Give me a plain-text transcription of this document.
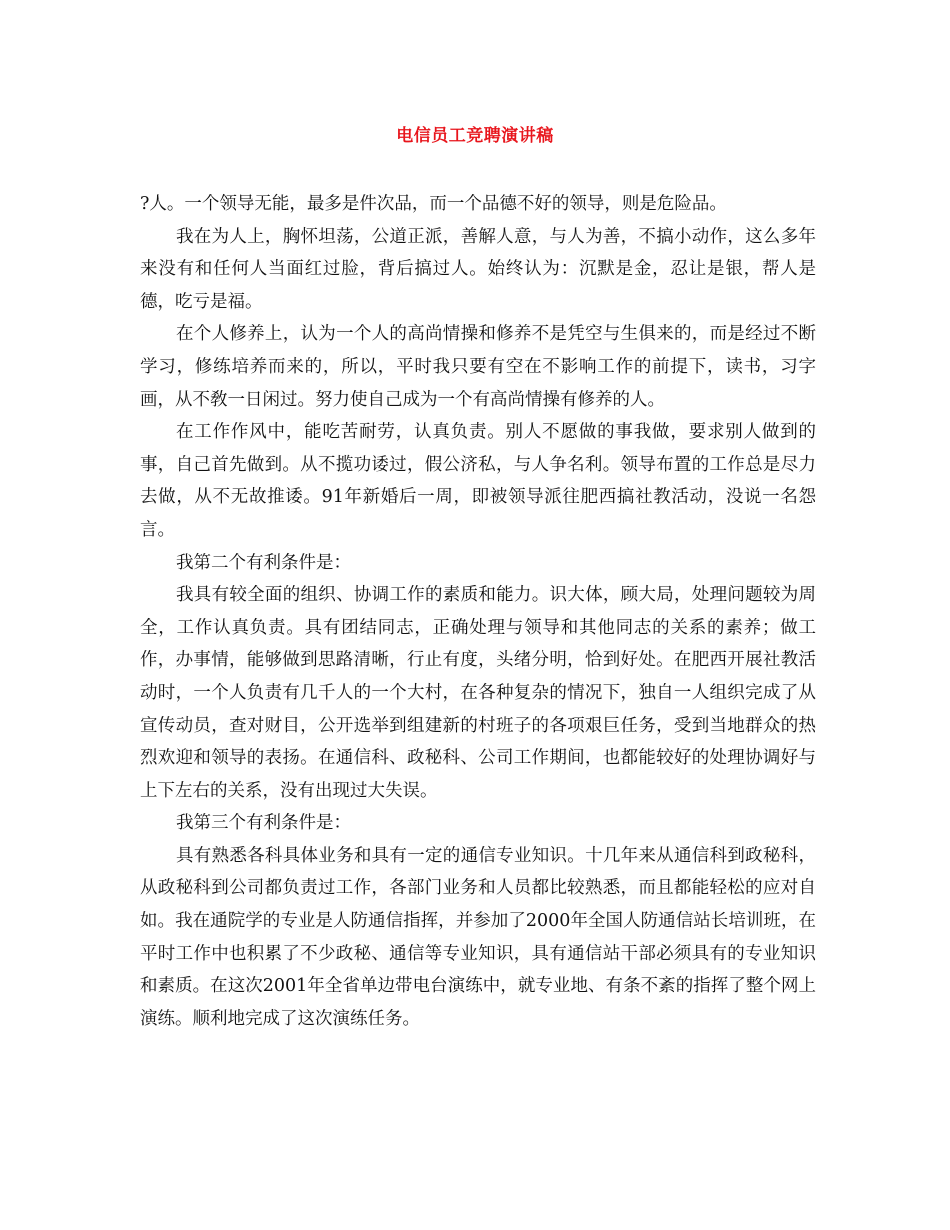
电信员工竞聘演讲稿

?人。一个领导无能，最多是件次品，而一个品德不好的领导，则是危险品。

我在为人上，胸怀坦荡，公道正派，善解人意，与人为善，不搞小动作，这么多年来没有和任何人当面红过脸，背后搞过人。始终认为：沉默是金，忍让是银，帮人是德，吃亏是福。

在个人修养上，认为一个人的高尚情操和修养不是凭空与生俱来的，而是经过不断学习，修练培养而来的，所以，平时我只要有空在不影响工作的前提下，读书，习字画，从不敎一日闲过。努力使自己成为一个有高尚情操有修养的人。

在工作作风中，能吃苦耐劳，认真负责。别人不愿做的事我做，要求别人做到的事，自己首先做到。从不揽功诿过，假公济私，与人争名利。领导布置的工作总是尽力去做，从不无故推诿。91年新婚后一周，即被领导派往肥西搞社教活动，没说一名怨言。

我第二个有利条件是：

我具有较全面的组织、协调工作的素质和能力。识大体，顾大局，处理问题较为周全，工作认真负责。具有团结同志，正确处理与领导和其他同志的关系的素养；做工作，办事情，能够做到思路清晰，行止有度，头绪分明，恰到好处。在肥西开展社教活动时，一个人负责有几千人的一个大村，在各种复杂的情况下，独自一人组织完成了从宣传动员，查对财目，公开选举到组建新的村班子的各项艰巨任务，受到当地群众的热烈欢迎和领导的表扬。在通信科、政秘科、公司工作期间，也都能较好的处理协调好与上下左右的关系，没有出现过大失误。

我第三个有利条件是：

具有熟悉各科具体业务和具有一定的通信专业知识。十几年来从通信科到政秘科，从政秘科到公司都负责过工作，各部门业务和人员都比较熟悉，而且都能轻松的应对自如。我在通院学的专业是人防通信指挥，并参加了2000年全国人防通信站长培训班，在平时工作中也积累了不少政秘、通信等专业知识，具有通信站干部必须具有的专业知识和素质。在这次2001年全省单边带电台演练中，就专业地、有条不紊的指挥了整个网上演练。顺利地完成了这次演练任务。
